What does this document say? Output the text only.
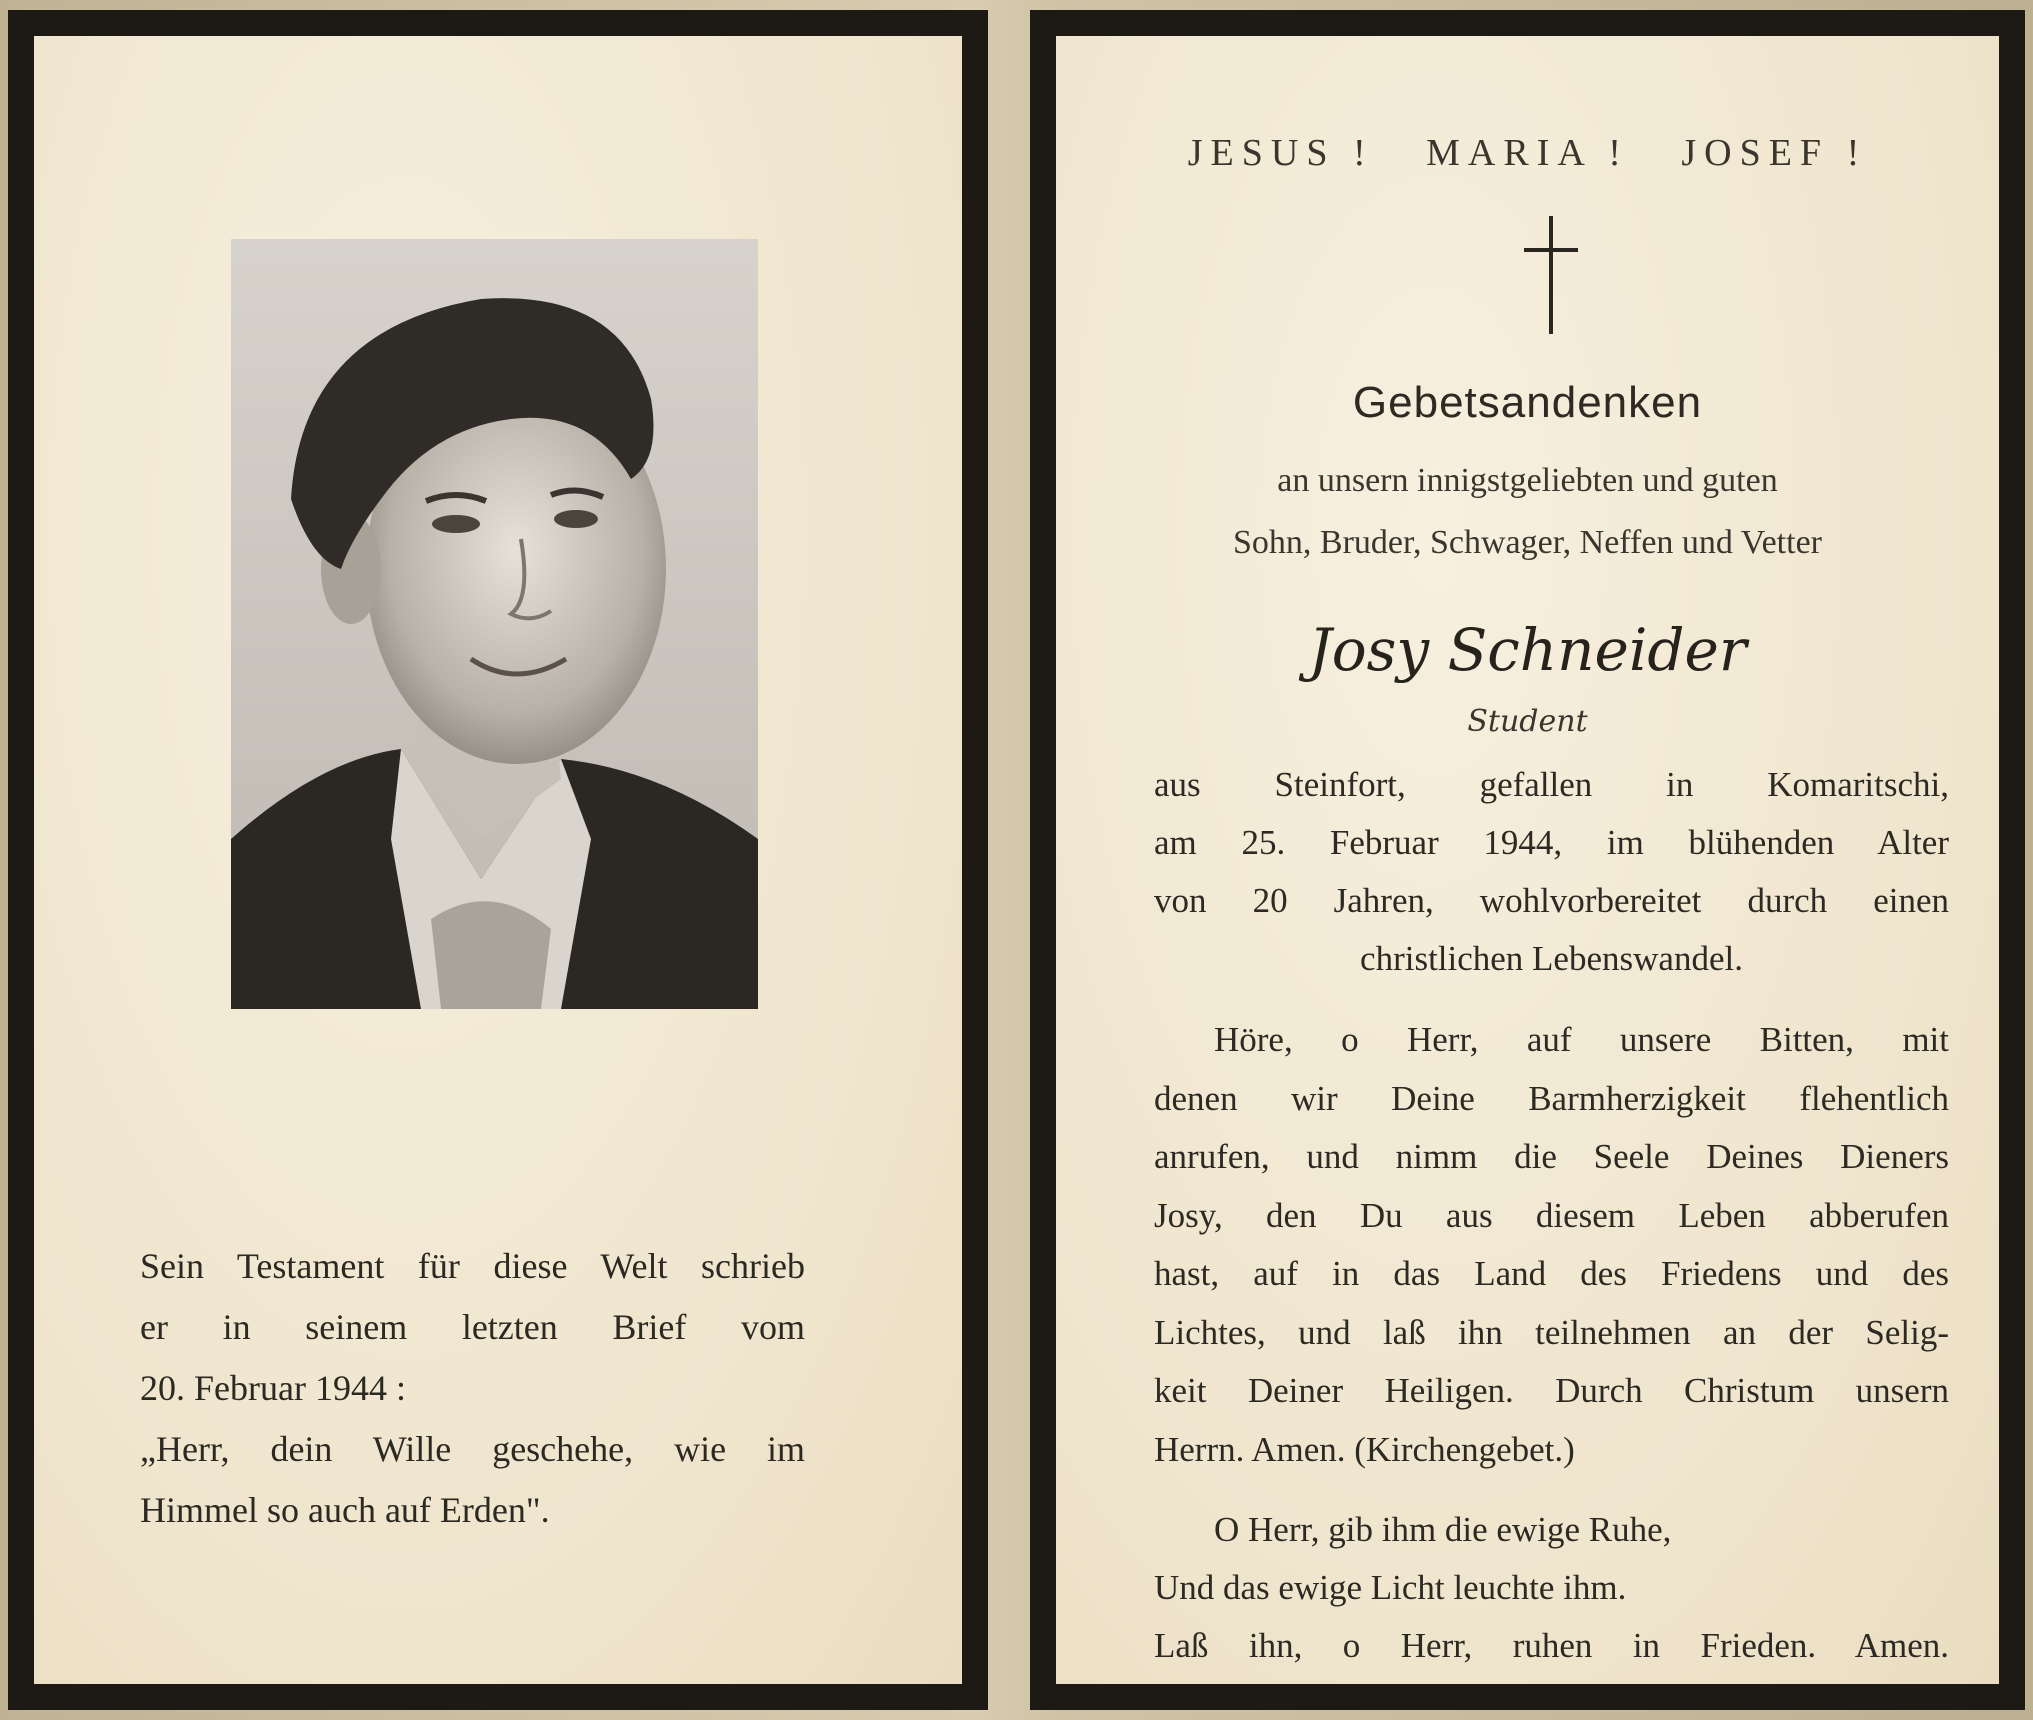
Sein Testament für diese Welt schrieb
er in seinem letzten Brief vom
20. Februar 1944 :
„Herr, dein Wille geschehe, wie im
Himmel so auch auf Erden".
JESUS !   MARIA !   JOSEF !
Gebetsandenken
an unsern innigstgeliebten und guten
Sohn, Bruder, Schwager, Neffen und Vetter
Josy Schneider
Student
aus Steinfort, gefallen in Komaritschi,
am 25. Februar 1944, im blühenden Alter
von 20 Jahren, wohlvorbereitet durch einen
christlichen Lebenswandel.
Höre, o Herr, auf unsere Bitten, mit
denen wir Deine Barmherzigkeit flehentlich
anrufen, und nimm die Seele Deines Dieners
Josy, den Du aus diesem Leben abberufen
hast, auf in das Land des Friedens und des
Lichtes, und laß ihn teilnehmen an der Selig-
keit Deiner Heiligen. Durch Christum unsern
Herrn. Amen. (Kirchengebet.)
O Herr, gib ihm die ewige Ruhe,
Und das ewige Licht leuchte ihm.
Laß ihn, o Herr, ruhen in Frieden. Amen.
